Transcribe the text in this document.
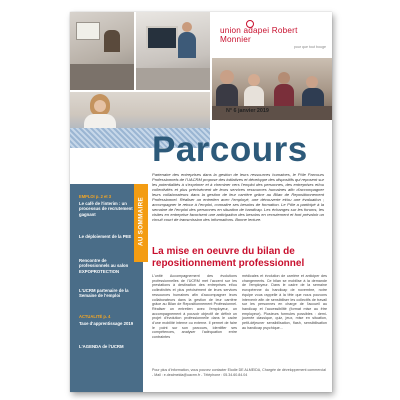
union adapei Robert Monnier
pour que tout bouge
N° 6 janvier 2019
Parcours
Partenaire des entreprises dans la gestion de leurs ressources humaines, le Pôle Parcours Professionnels de l'UACRM propose des initiatives et développe des dispositifs qui reposent sur les potentialités à s'exprimer et à cheminer vers l'emploi des personnes, des entreprises et/ou collectivités et plus précisément de leurs services ressources humaines afin d'accompagner leurs collaborateurs dans la gestion de leur carrière grâce au Bilan de Repositionnement Professionnel. Réaliser un entretien avec l'employé, une découverte et/ou une évaluation ; accompagner le retour à l'emploi, connaitre ses besoins de formation. Le Pôle a participé à la semaine de l'emploi des personnes en situation de handicap. Les échanges sur les forums, les visites en entreprise favorisent une anticipation des besoins en recrutement et font prévaloir un circuit court de transmission des informations. Bonne lecture.
AU SOMMAIRE
EMPLOI p. 2 et 3
Le café de l'interim : un processus de recrutement gagnant
Le déploiement de la PEE
Rencontre de professionnels au salon EXPOPROTECTION
L'UCRM partenaire de la Semaine de l'emploi
ACTUALITÉ p. 4
Taxe d'apprentissage 2019
L'AGENDA de l'UCRM
La mise en oeuvre du bilan de repositionnement professionnel
L'unité Accompagnement des évolutions professionnelles de l'UCRM met l'accent sur les prestations à destination des entreprises et/ou collectivités et plus précisément de leurs services ressources humaines afin d'accompagner leurs collaborateurs dans la gestion de leur carrière grâce au Bilan de Repositionnement Professionnel. Réaliser un entretien avec l'employeur, un accompagnement à pouvoir objectif de définir un projet d'évolution professionnelle dans le cadre d'une mobilité interne ou externe. Il permet de faire le point sur son parcours, identifier ses compétences, analyser l'adéquation entre contraintes
médicales et évolution de carrière et anticiper des changements. Ce bilan se mobilise à la demande de l'employeur. Dans le cadre de la semaine européenne du handicap de novembre, notre équipe vous rappelle à la tête que nous pouvons intervenir afin de sensibiliser les collectifs de travail sur les personnes en charge de l'accueil au handicap et l'accessibilité (format mise au être employeur). Plusieurs formules possibles : demi-journée classique, quiz, jeux, mise en situation, petit-déjeuner sensibilisation, flash, sensibilisation au handicap psychique...
Pour plus d'information, vous pouvez contacter Elodie DE ALMEIDA, Chargée de développement commercial - Mail : e.dealmeida@uacrm.fr - Téléphone : 05.34.60.84.04
